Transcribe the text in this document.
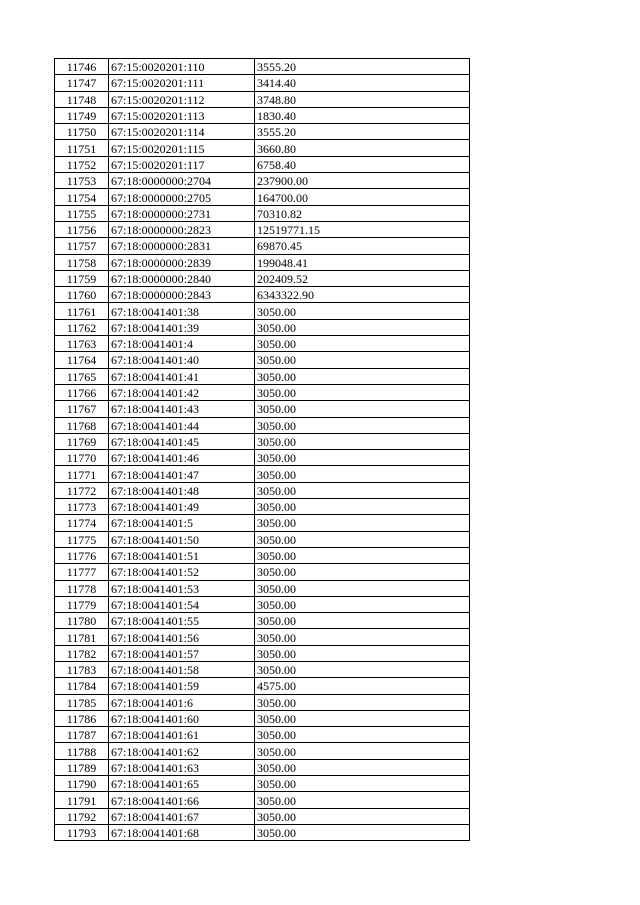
11746	67:15:0020201:110	3555.20
11747	67:15:0020201:111	3414.40
11748	67:15:0020201:112	3748.80
11749	67:15:0020201:113	1830.40
11750	67:15:0020201:114	3555.20
11751	67:15:0020201:115	3660.80
11752	67:15:0020201:117	6758.40
11753	67:18:0000000:2704	237900.00
11754	67:18:0000000:2705	164700.00
11755	67:18:0000000:2731	70310.82
11756	67:18:0000000:2823	12519771.15
11757	67:18:0000000:2831	69870.45
11758	67:18:0000000:2839	199048.41
11759	67:18:0000000:2840	202409.52
11760	67:18:0000000:2843	6343322.90
11761	67:18:0041401:38	3050.00
11762	67:18:0041401:39	3050.00
11763	67:18:0041401:4	3050.00
11764	67:18:0041401:40	3050.00
11765	67:18:0041401:41	3050.00
11766	67:18:0041401:42	3050.00
11767	67:18:0041401:43	3050.00
11768	67:18:0041401:44	3050.00
11769	67:18:0041401:45	3050.00
11770	67:18:0041401:46	3050.00
11771	67:18:0041401:47	3050.00
11772	67:18:0041401:48	3050.00
11773	67:18:0041401:49	3050.00
11774	67:18:0041401:5	3050.00
11775	67:18:0041401:50	3050.00
11776	67:18:0041401:51	3050.00
11777	67:18:0041401:52	3050.00
11778	67:18:0041401:53	3050.00
11779	67:18:0041401:54	3050.00
11780	67:18:0041401:55	3050.00
11781	67:18:0041401:56	3050.00
11782	67:18:0041401:57	3050.00
11783	67:18:0041401:58	3050.00
11784	67:18:0041401:59	4575.00
11785	67:18:0041401:6	3050.00
11786	67:18:0041401:60	3050.00
11787	67:18:0041401:61	3050.00
11788	67:18:0041401:62	3050.00
11789	67:18:0041401:63	3050.00
11790	67:18:0041401:65	3050.00
11791	67:18:0041401:66	3050.00
11792	67:18:0041401:67	3050.00
11793	67:18:0041401:68	3050.00
